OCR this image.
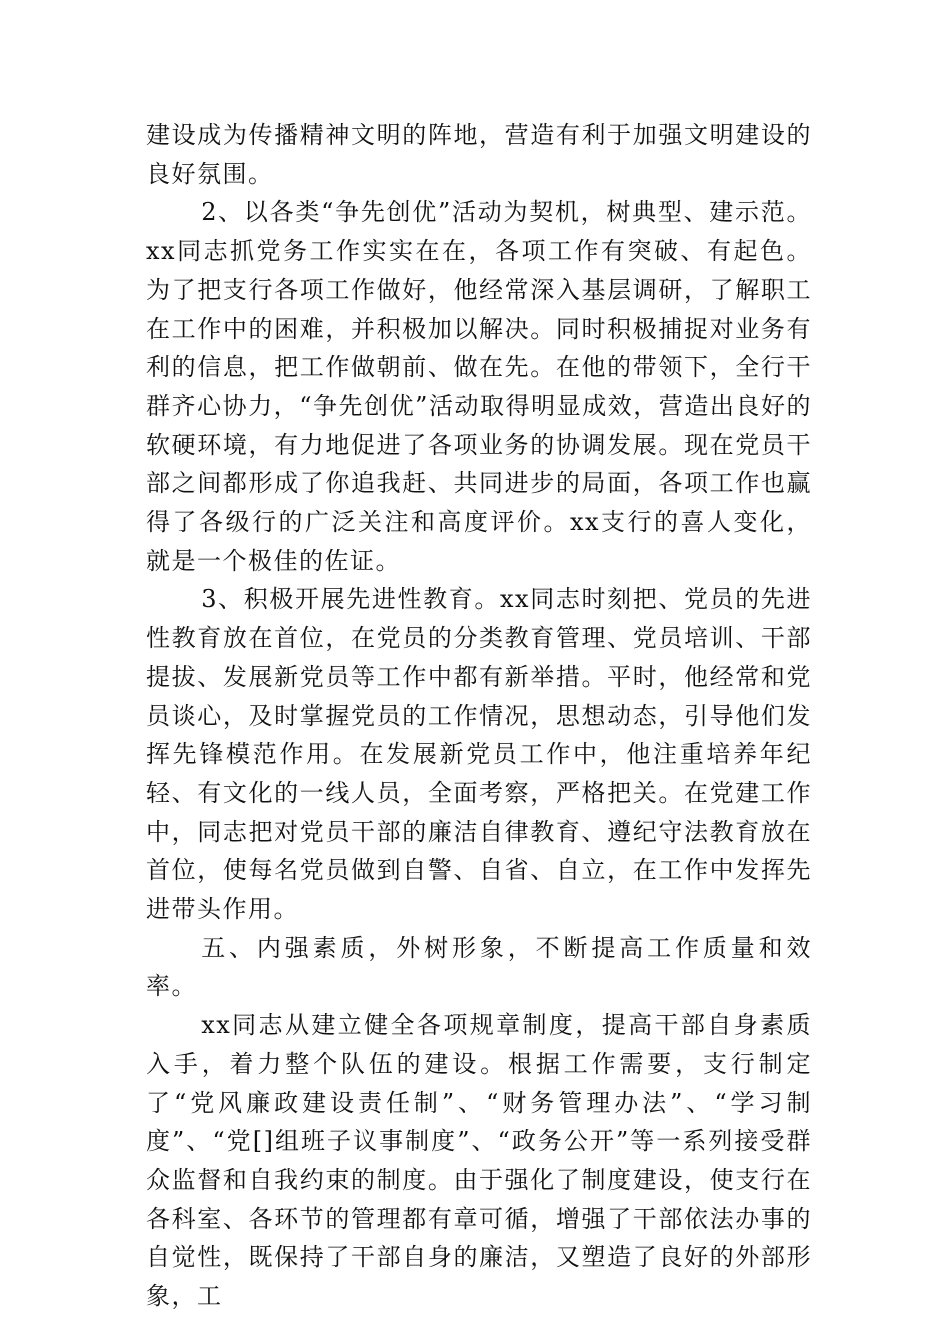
建设成为传播精神文明的阵地，营造有利于加强文明建设的良好氛围。

2、以各类“争先创优”活动为契机，树典型、建示范。xx同志抓党务工作实实在在，各项工作有突破、有起色。为了把支行各项工作做好，他经常深入基层调研，了解职工在工作中的困难，并积极加以解决。同时积极捕捉对业务有利的信息，把工作做朝前、做在先。在他的带领下，全行干群齐心协力，“争先创优”活动取得明显成效，营造出良好的软硬环境，有力地促进了各项业务的协调发展。现在党员干部之间都形成了你追我赶、共同进步的局面，各项工作也赢得了各级行的广泛关注和高度评价。xx支行的喜人变化，就是一个极佳的佐证。

3、积极开展先进性教育。xx同志时刻把、党员的先进性教育放在首位，在党员的分类教育管理、党员培训、干部提拔、发展新党员等工作中都有新举措。平时，他经常和党员谈心，及时掌握党员的工作情况，思想动态，引导他们发挥先锋模范作用。在发展新党员工作中，他注重培养年纪轻、有文化的一线人员，全面考察，严格把关。在党建工作中，同志把对党员干部的廉洁自律教育、遵纪守法教育放在首位，使每名党员做到自警、自省、自立，在工作中发挥先进带头作用。

五、内强素质，外树形象，不断提高工作质量和效率。

xx同志从建立健全各项规章制度，提高干部自身素质入手，着力整个队伍的建设。根据工作需要，支行制定了“党风廉政建设责任制”、“财务管理办法”、“学习制度”、“党[]组班子议事制度”、“政务公开”等一系列接受群众监督和自我约束的制度。由于强化了制度建设，使支行在各科室、各环节的管理都有章可循，增强了干部依法办事的自觉性，既保持了干部自身的廉洁，又塑造了良好的外部形象，工
